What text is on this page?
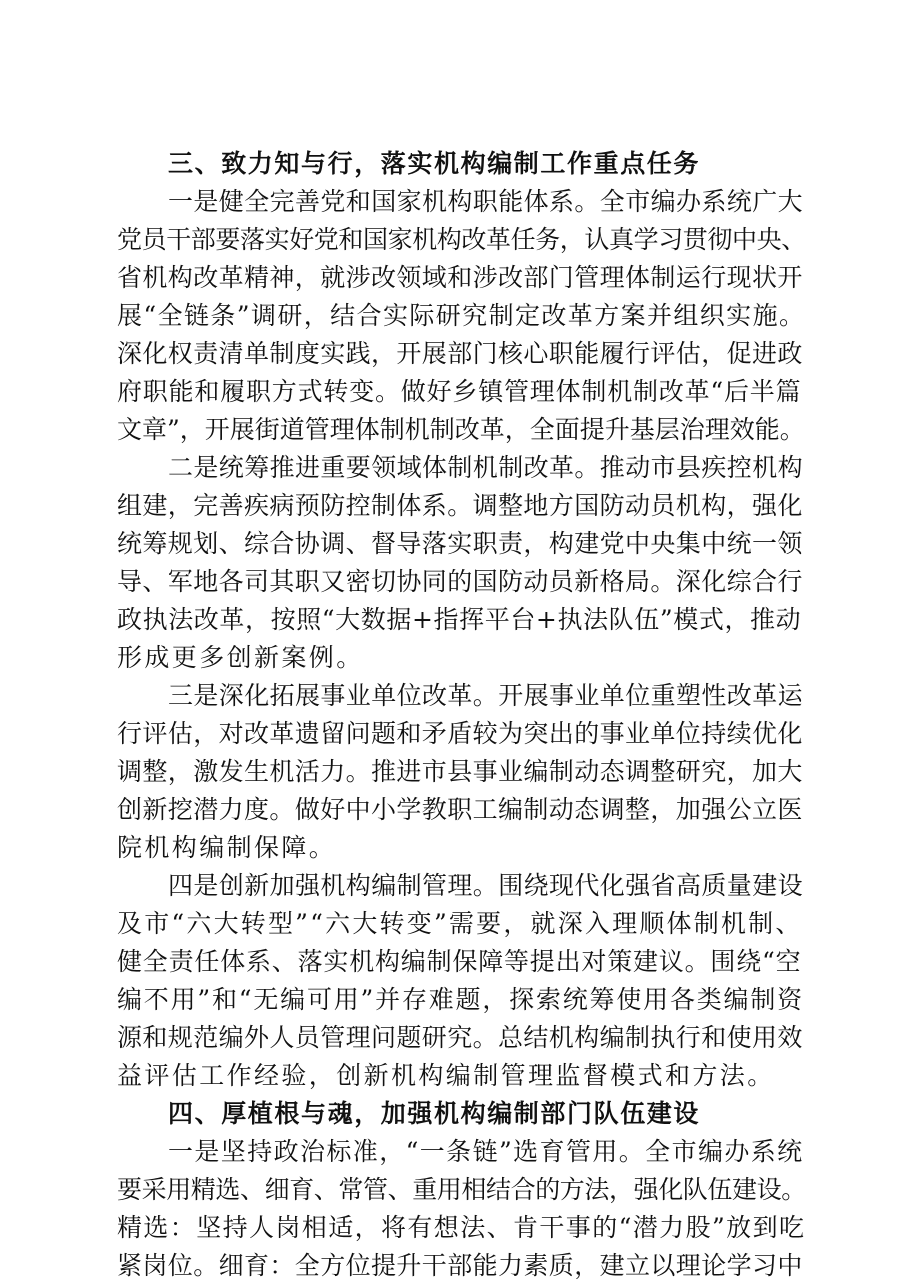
三、致力知与行，落实机构编制工作重点任务
一是健全完善党和国家机构职能体系。全市编办系统广大
党员干部要落实好党和国家机构改革任务，认真学习贯彻中央、
省机构改革精神，就涉改领域和涉改部门管理体制运行现状开
展“全链条”调研，结合实际研究制定改革方案并组织实施。
深化权责清单制度实践，开展部门核心职能履行评估，促进政
府职能和履职方式转变。做好乡镇管理体制机制改革“后半篇
文章”，开展街道管理体制机制改革，全面提升基层治理效能。
二是统筹推进重要领域体制机制改革。推动市县疾控机构
组建，完善疾病预防控制体系。调整地方国防动员机构，强化
统筹规划、综合协调、督导落实职责，构建党中央集中统一领
导、军地各司其职又密切协同的国防动员新格局。深化综合行
政执法改革，按照“大数据+指挥平台+执法队伍”模式，推动
形成更多创新案例。
三是深化拓展事业单位改革。开展事业单位重塑性改革运
行评估，对改革遗留问题和矛盾较为突出的事业单位持续优化
调整，激发生机活力。推进市县事业编制动态调整研究，加大
创新挖潜力度。做好中小学教职工编制动态调整，加强公立医
院机构编制保障。
四是创新加强机构编制管理。围绕现代化强省高质量建设
及市“六大转型”“六大转变”需要，就深入理顺体制机制、
健全责任体系、落实机构编制保障等提出对策建议。围绕“空
编不用”和“无编可用”并存难题，探索统筹使用各类编制资
源和规范编外人员管理问题研究。总结机构编制执行和使用效
益评估工作经验，创新机构编制管理监督模式和方法。
四、厚植根与魂，加强机构编制部门队伍建设
一是坚持政治标准，“一条链”选育管用。全市编办系统
要采用精选、细育、常管、重用相结合的方法，强化队伍建设。
精选：坚持人岗相适，将有想法、肯干事的“潜力股”放到吃
紧岗位。细育：全方位提升干部能力素质，建立以理论学习中
